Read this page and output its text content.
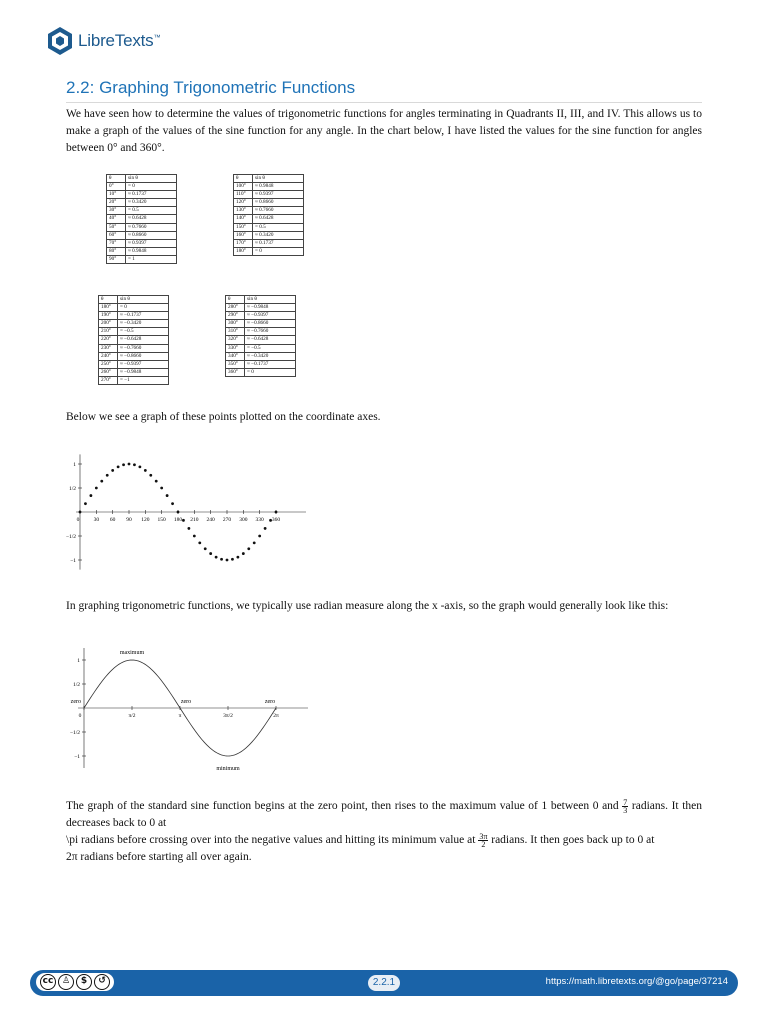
LibreTexts™
2.2: Graphing Trigonometric Functions

We have seen how to determine the values of trigonometric functions for angles terminating in Quadrants II, III, and IV. This allows us to make a graph of the values of the sine function for any angle. In the chart below, I have listed the values for the sine function for angles between 0° and 360°.

θ	sin θ		θ	sin θ
0°	= 0		100°	≈ 0.9848
10°	≈ 0.1737		110°	≈ 0.9397
20°	≈ 0.3420		120°	≈ 0.8660
30°	= 0.5		130°	≈ 0.7660
40°	≈ 0.6428		140°	≈ 0.6428
50°	≈ 0.7660		150°	= 0.5
60°	≈ 0.8660		160°	≈ 0.3420
70°	≈ 0.9397		170°	≈ 0.1737
80°	≈ 0.9848		180°	= 0
90°	= 1			
θ	sin θ		θ	sin θ
180°	= 0		280°	≈ −0.9848
190°	≈ −0.1737		290°	≈ −0.9397
200°	≈ −0.3420		300°	≈ −0.8660
210°	= −0.5		310°	≈ −0.7660
220°	≈ −0.6428		320°	≈ −0.6428
230°	≈ −0.7660		330°	= −0.5
240°	≈ −0.8660		340°	≈ −0.3420
250°	≈ −0.9397		350°	≈ −0.1737
260°	≈ −0.9848		360°	= 0
270°	= −1			

Below we see a graph of these points plotted on the coordinate axes.

1
1/2
−1/2
−1
0	30 60 90 120 150 180 210 240 270 300 330 360

In graphing trigonometric functions, we typically use radian measure along the x -axis, so the graph would generally look like this:

1
1/2
−1/2
−1
0	π/2	π	3π/2	2π
maximum
minimum
zero	zero	zero

The graph of the standard sine function begins at the zero point, then rises to the maximum value of 1 between 0 and $\frac{7}{3}$ radians. It then decreases back to 0 at
\pi radians before crossing over into the negative values and hitting its minimum value at $\frac{3\pi}{2}$ radians. It then goes back up to 0 at
2π radians before starting all over again.

cc ♙	$	↺	2.2.1	https://math.libretexts.org/@go/page/37214
